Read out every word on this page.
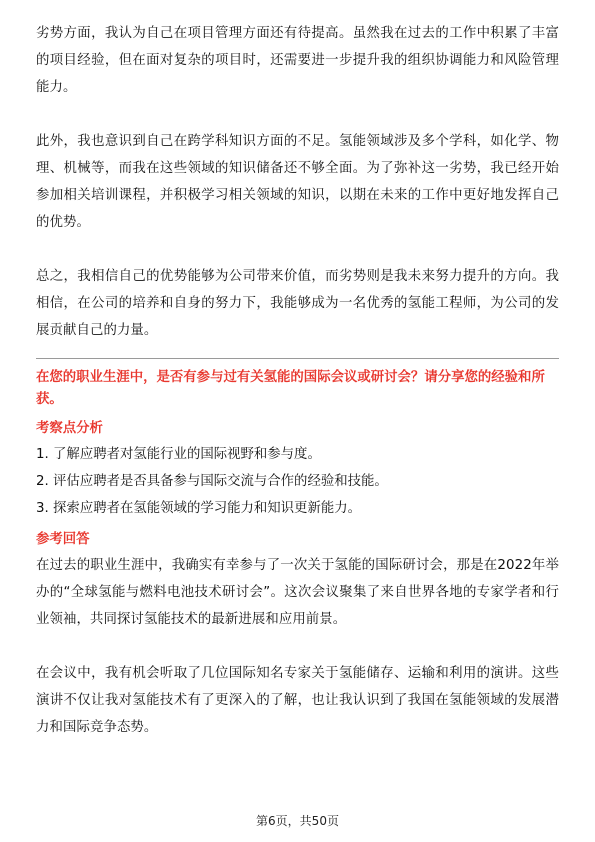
劣势方面，我认为自己在项目管理方面还有待提高。虽然我在过去的工作中积累了丰富的项目经验，但在面对复杂的项目时，还需要进一步提升我的组织协调能力和风险管理能力。

此外，我也意识到自己在跨学科知识方面的不足。氢能领域涉及多个学科，如化学、物理、机械等，而我在这些领域的知识储备还不够全面。为了弥补这一劣势，我已经开始参加相关培训课程，并积极学习相关领域的知识，以期在未来的工作中更好地发挥自己的优势。

总之，我相信自己的优势能够为公司带来价值，而劣势则是我未来努力提升的方向。我相信，在公司的培养和自身的努力下，我能够成为一名优秀的氢能工程师，为公司的发展贡献自己的力量。

在您的职业生涯中，是否有参与过有关氢能的国际会议或研讨会？请分享您的经验和所获。

考察点分析

1. 了解应聘者对氢能行业的国际视野和参与度。

2. 评估应聘者是否具备参与国际交流与合作的经验和技能。

3. 探索应聘者在氢能领域的学习能力和知识更新能力。

参考回答

在过去的职业生涯中，我确实有幸参与了一次关于氢能的国际研讨会，那是在2022年举办的“全球氢能与燃料电池技术研讨会”。这次会议聚集了来自世界各地的专家学者和行业领袖，共同探讨氢能技术的最新进展和应用前景。

在会议中，我有机会听取了几位国际知名专家关于氢能储存、运输和利用的演讲。这些演讲不仅让我对氢能技术有了更深入的了解，也让我认识到了我国在氢能领域的发展潜力和国际竞争态势。

第6页，共50页
